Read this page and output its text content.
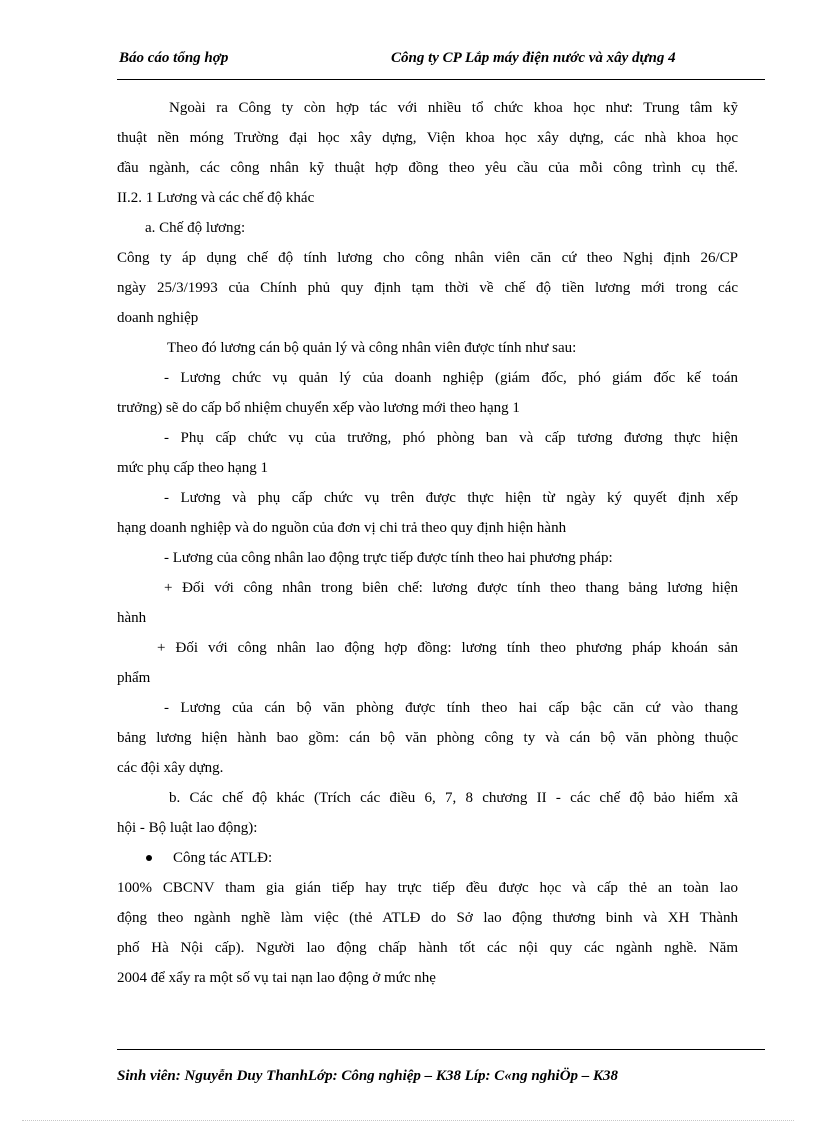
Báo cáo tổng hợp	Công ty CP Lắp máy điện nước và xây dựng 4

Ngoài ra Công ty còn hợp tác với nhiều tổ chức khoa học như: Trung tâm kỹ

thuật nền móng Trường đại học xây dựng, Viện khoa học xây dựng, các nhà khoa học

đầu ngành, các công nhân kỹ thuật hợp đồng theo yêu cầu của mỗi công trình cụ thể.

II.2. 1 Lương và các chế độ khác

a. Chế độ lương:

Công ty áp dụng chế độ tính lương cho công nhân viên căn cứ theo Nghị định 26/CP

ngày 25/3/1993 của Chính phủ quy định tạm thời về chế độ tiền lương mới trong các

doanh nghiệp

Theo đó lương cán bộ quản lý và công nhân viên được tính như sau:

- Lương chức vụ quản lý của doanh nghiệp (giám đốc, phó giám đốc kế toán

trưởng) sẽ do cấp bổ nhiệm chuyển xếp vào lương mới theo hạng 1

- Phụ cấp chức vụ của trưởng, phó phòng ban và cấp tương đương thực hiện

mức phụ cấp theo hạng 1

- Lương và phụ cấp chức vụ trên được thực hiện từ ngày ký quyết định xếp

hạng doanh nghiệp và do nguồn của đơn vị chi trả theo quy định hiện hành

- Lương của công nhân lao động trực tiếp được tính theo hai phương pháp:

+ Đối với công nhân trong biên chế: lương được tính theo thang bảng lương hiện

hành

+ Đối với công nhân lao động hợp đồng: lương tính theo phương pháp khoán sản

phẩm

- Lương của cán bộ văn phòng được tính theo hai cấp bậc căn cứ vào thang

bảng lương hiện hành bao gồm: cán bộ văn phòng công ty và cán bộ văn phòng thuộc

các đội xây dựng.

b. Các chế độ khác (Trích các điều 6, 7, 8 chương II - các chế độ bảo hiểm xã

hội - Bộ luật lao động):

Công tác ATLĐ:

100% CBCNV tham gia gián tiếp hay trực tiếp đều được học và cấp thẻ an toàn lao

động theo ngành nghề làm việc (thẻ ATLĐ do Sở lao động thương binh và XH Thành

phố Hà Nội cấp). Người lao động chấp hành tốt các nội quy các ngành nghề. Năm

2004 để xẩy ra một số vụ tai nạn lao động ở mức nhẹ

Sinh viên: Nguyễn Duy ThanhLớp: Công nghiệp – K38 Líp: C«ng nghiÖp – K38
